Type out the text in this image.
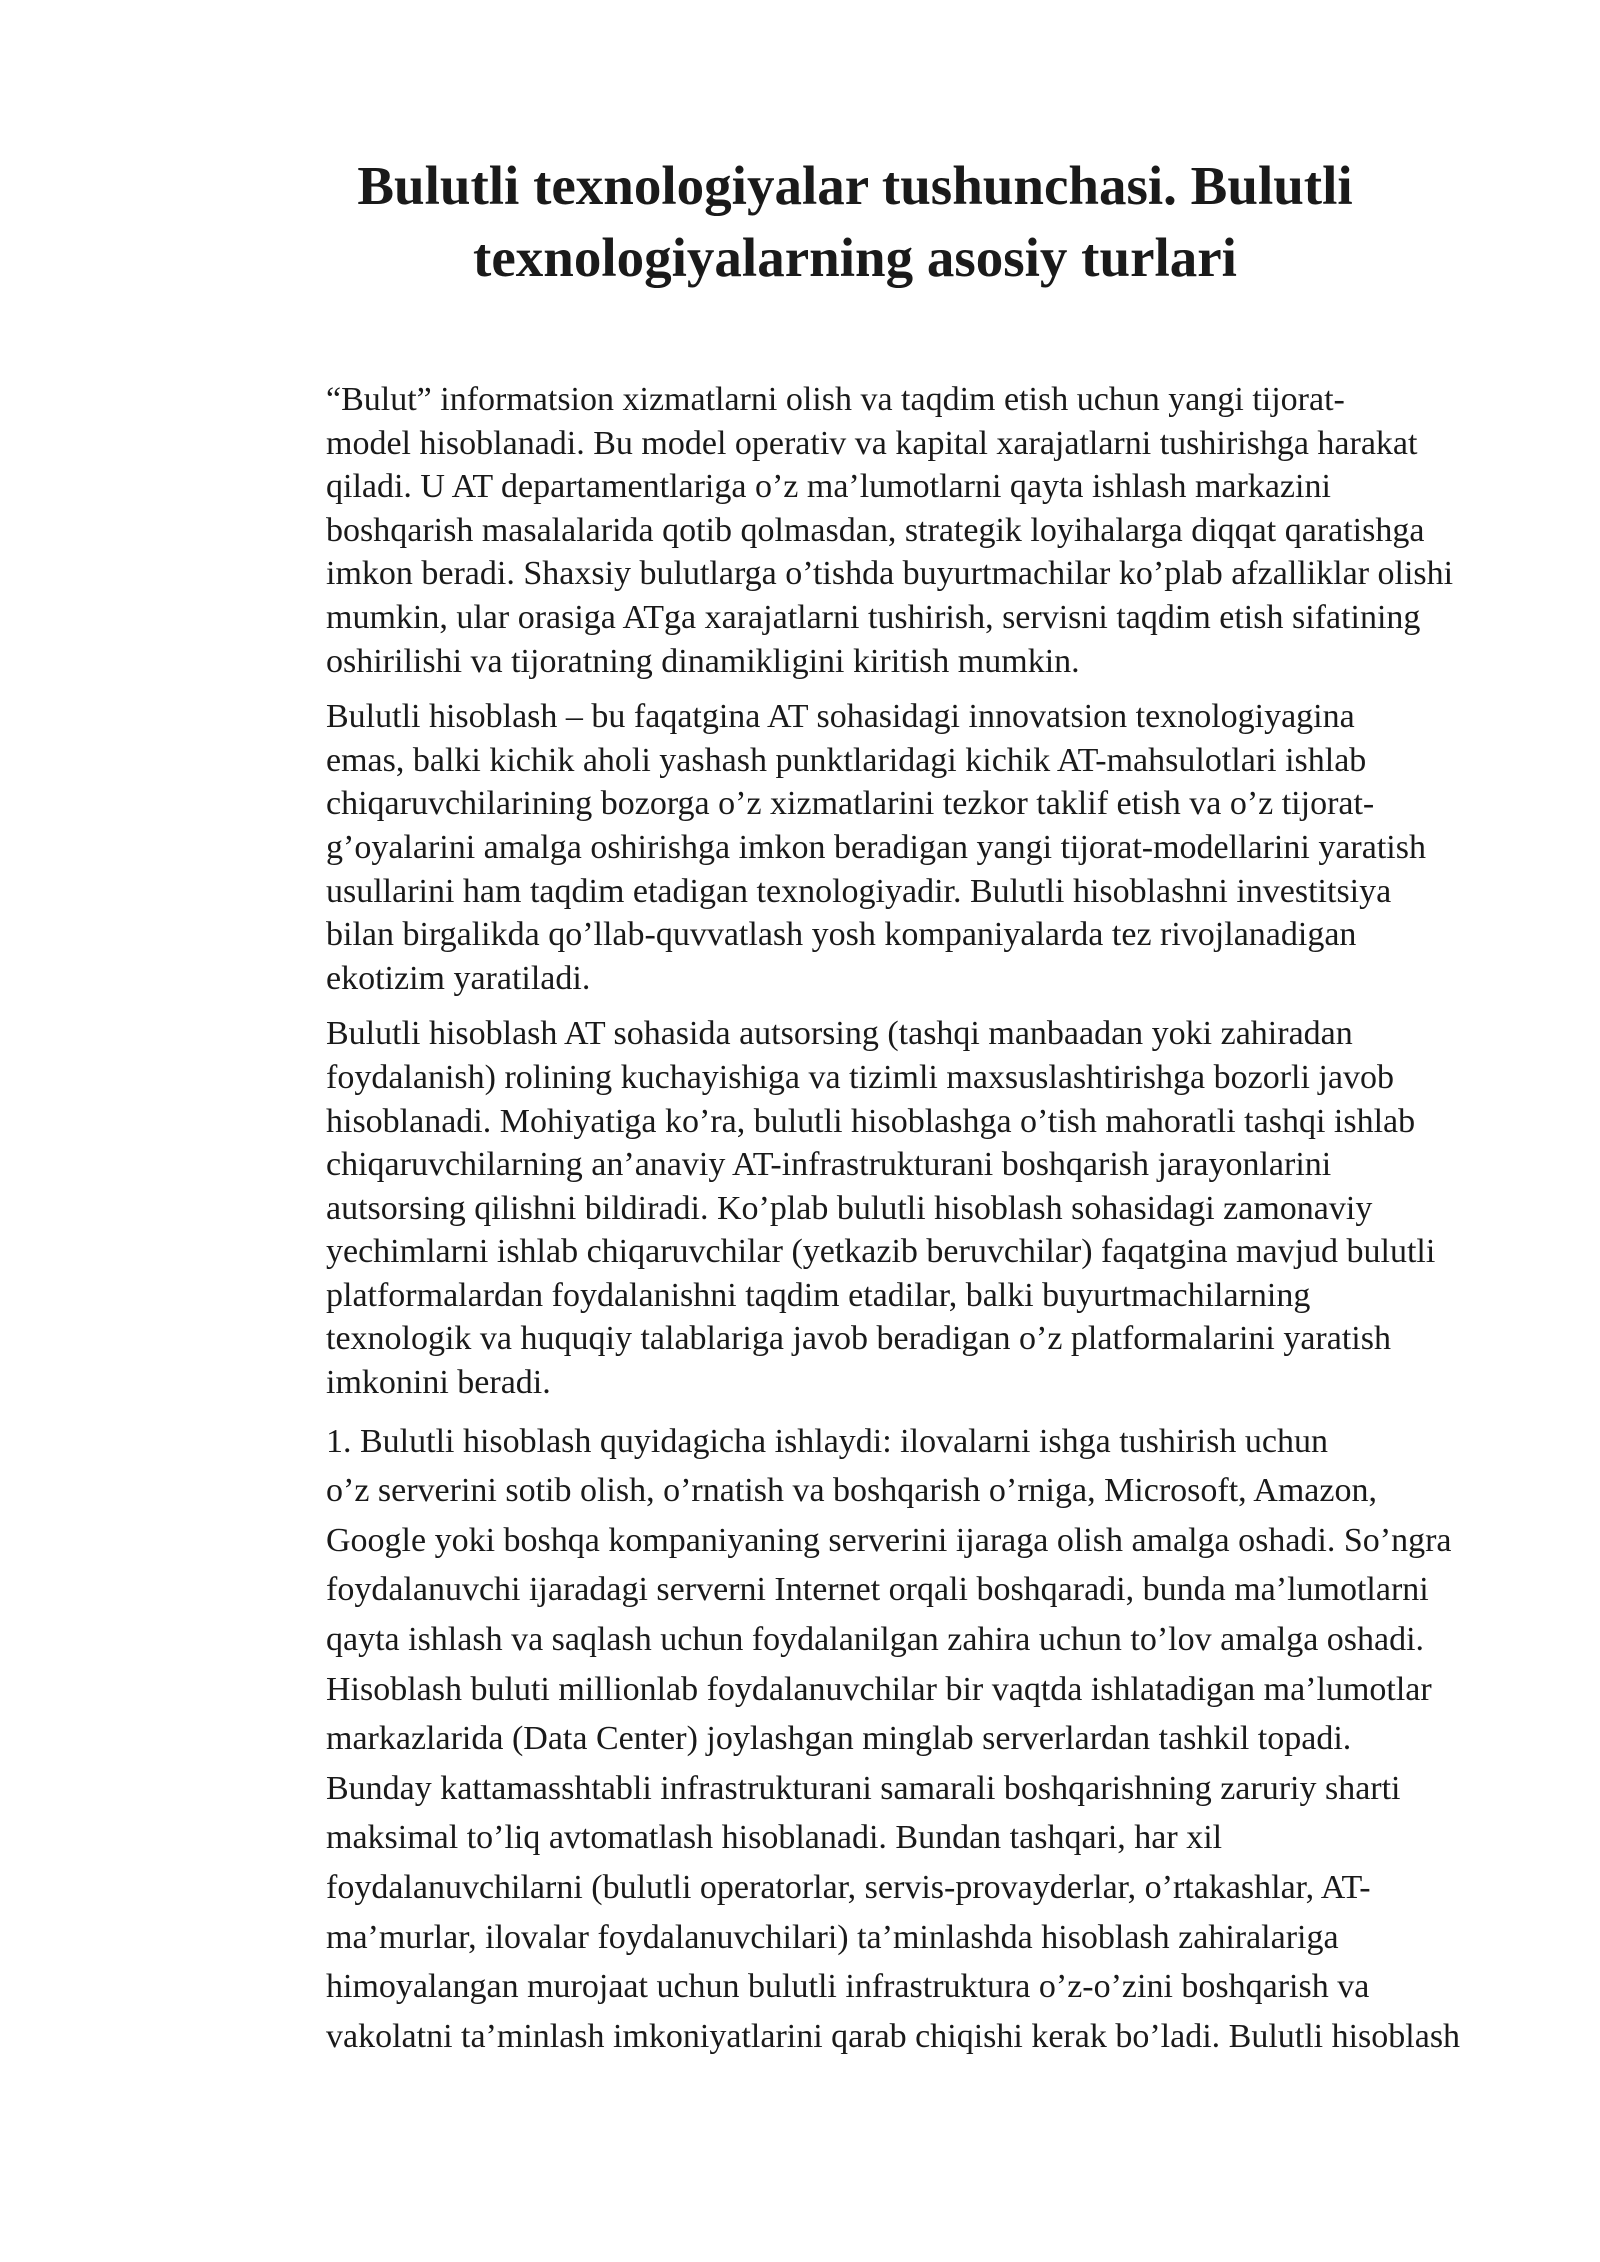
Bulutli texnologiyalar tushunchasi. Bulutli
texnologiyalarning asosiy turlari

“Bulut” informatsion xizmatlarni olish va taqdim etish uchun yangi tijorat-
model hisoblanadi. Bu model operativ va kapital xarajatlarni tushirishga harakat
qiladi. U AT departamentlariga o’z ma’lumotlarni qayta ishlash markazini
boshqarish masalalarida qotib qolmasdan, strategik loyihalarga diqqat qaratishga
imkon beradi. Shaxsiy bulutlarga o’tishda buyurtmachilar ko’plab afzalliklar olishi
mumkin, ular orasiga ATga xarajatlarni tushirish, servisni taqdim etish sifatining
oshirilishi va tijoratning dinamikligini kiritish mumkin.

Bulutli hisoblash – bu faqatgina AT sohasidagi innovatsion texnologiyagina
emas, balki kichik aholi yashash punktlaridagi kichik AT-mahsulotlari ishlab
chiqaruvchilarining bozorga o’z xizmatlarini tezkor taklif etish va o’z tijorat-
g’oyalarini amalga oshirishga imkon beradigan yangi tijorat-modellarini yaratish
usullarini ham taqdim etadigan texnologiyadir. Bulutli hisoblashni investitsiya
bilan birgalikda qo’llab-quvvatlash yosh kompaniyalarda tez rivojlanadigan
ekotizim yaratiladi.

Bulutli hisoblash AT sohasida autsorsing (tashqi manbaadan yoki zahiradan
foydalanish) rolining kuchayishiga va tizimli maxsuslashtirishga bozorli javob
hisoblanadi. Mohiyatiga ko’ra, bulutli hisoblashga o’tish mahoratli tashqi ishlab
chiqaruvchilarning an’anaviy AT-infrastrukturani boshqarish jarayonlarini
autsorsing qilishni bildiradi. Ko’plab bulutli hisoblash sohasidagi zamonaviy
yechimlarni ishlab chiqaruvchilar (yetkazib beruvchilar) faqatgina mavjud bulutli
platformalardan foydalanishni taqdim etadilar, balki buyurtmachilarning
texnologik va huquqiy talablariga javob beradigan o’z platformalarini yaratish
imkonini beradi.

1. Bulutli hisoblash quyidagicha ishlaydi: ilovalarni ishga tushirish uchun
o’z serverini sotib olish, o’rnatish va boshqarish o’rniga, Microsoft, Amazon,
Google yoki boshqa kompaniyaning serverini ijaraga olish amalga oshadi. So’ngra
foydalanuvchi ijaradagi serverni Internet orqali boshqaradi, bunda ma’lumotlarni
qayta ishlash va saqlash uchun foydalanilgan zahira uchun to’lov amalga oshadi.
Hisoblash buluti millionlab foydalanuvchilar bir vaqtda ishlatadigan ma’lumotlar
markazlarida (Data Center) joylashgan minglab serverlardan tashkil topadi.
Bunday kattamasshtabli infrastrukturani samarali boshqarishning zaruriy sharti
maksimal to’liq avtomatlash hisoblanadi. Bundan tashqari, har xil
foydalanuvchilarni (bulutli operatorlar, servis-provayderlar, o’rtakashlar, AT-
ma’murlar, ilovalar foydalanuvchilari) ta’minlashda hisoblash zahiralariga
himoyalangan murojaat uchun bulutli infrastruktura o’z-o’zini boshqarish va
vakolatni ta’minlash imkoniyatlarini qarab chiqishi kerak bo’ladi. Bulutli hisoblash
